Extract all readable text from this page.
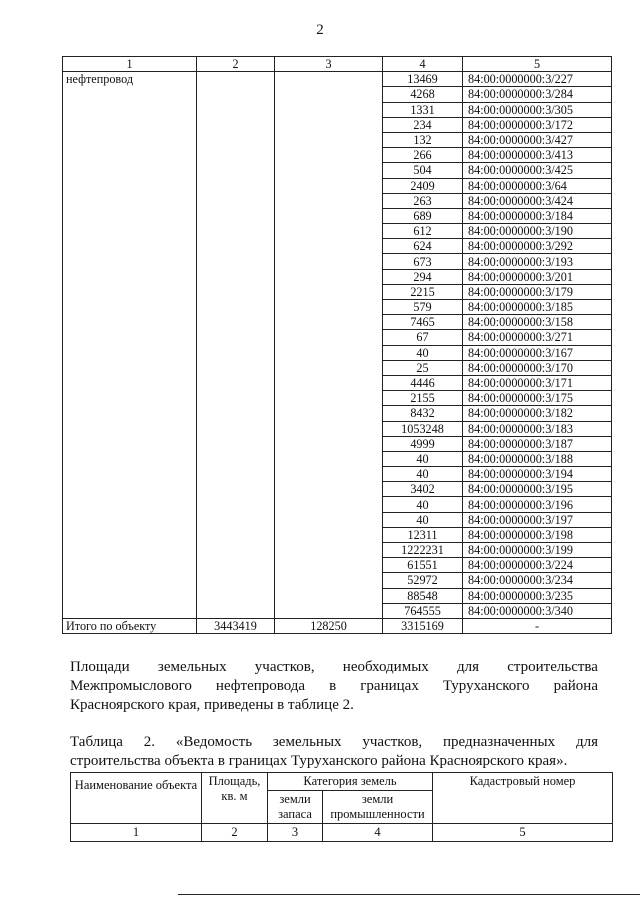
2
1	2	3	4	5
нефтепровод			13469	84:00:0000000:3/227
			4268	84:00:0000000:3/284
			1331	84:00:0000000:3/305
			234	84:00:0000000:3/172
			132	84:00:0000000:3/427
			266	84:00:0000000:3/413
			504	84:00:0000000:3/425
			2409	84:00:0000000:3/64
			263	84:00:0000000:3/424
			689	84:00:0000000:3/184
			612	84:00:0000000:3/190
			624	84:00:0000000:3/292
			673	84:00:0000000:3/193
			294	84:00:0000000:3/201
			2215	84:00:0000000:3/179
			579	84:00:0000000:3/185
			7465	84:00:0000000:3/158
			67	84:00:0000000:3/271
			40	84:00:0000000:3/167
			25	84:00:0000000:3/170
			4446	84:00:0000000:3/171
			2155	84:00:0000000:3/175
			8432	84:00:0000000:3/182
			1053248	84:00:0000000:3/183
			4999	84:00:0000000:3/187
			40	84:00:0000000:3/188
			40	84:00:0000000:3/194
			3402	84:00:0000000:3/195
			40	84:00:0000000:3/196
			40	84:00:0000000:3/197
			12311	84:00:0000000:3/198
			1222231	84:00:0000000:3/199
			61551	84:00:0000000:3/224
			52972	84:00:0000000:3/234
			88548	84:00:0000000:3/235
			764555	84:00:0000000:3/340
Итого по объекту	3443419	128250	3315169	-
Площади земельных участков, необходимых для строительства
Межпромыслового нефтепровода в границах Туруханского района
Красноярского края, приведены в таблице 2.
Таблица 2. «Ведомость земельных участков, предназначенных для
строительства объекта в границах Туруханского района Красноярского края».
Наименование объекта	Площадь, кв. м	Категория земель		Кадастровый номер
		земли запаса	земли промышленности	
1	2	3	4	5
